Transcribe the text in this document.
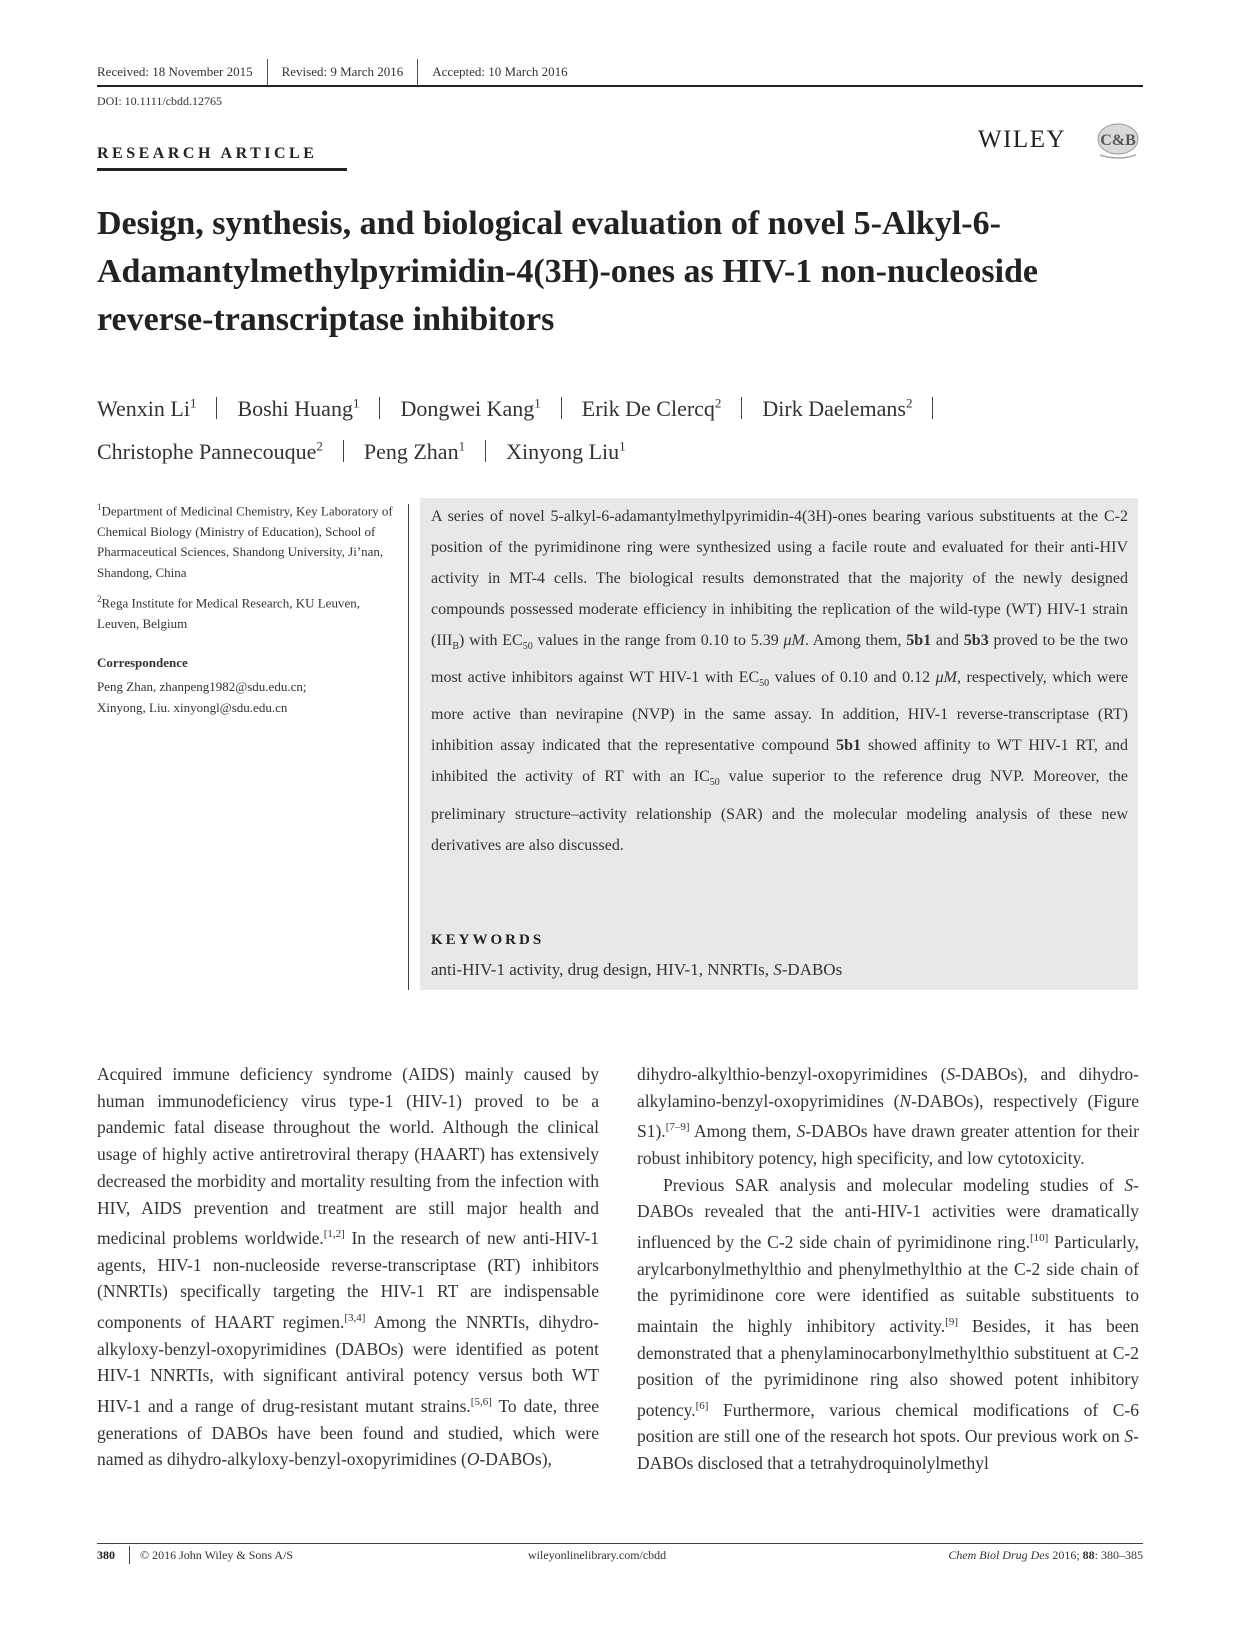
Received: 18 November 2015	Revised: 9 March 2016	Accepted: 10 March 2016
DOI: 10.1111/cbdd.12765
RESEARCH ARTICLE
WILEY C&B
Design, synthesis, and biological evaluation of novel 5-Alkyl-6-Adamantylmethylpyrimidin-4(3H)-ones as HIV-1 non-nucleoside reverse-transcriptase inhibitors
Wenxin Li$^1$ Boshi Huang$^1$ Dongwei Kang$^1$ Erik De Clercq$^2$ Dirk Daelemans$^2$
Christophe Pannecouque$^2$ Peng Zhan$^1$ Xinyong Liu$^1$

$^1$Department of Medicinal Chemistry, Key Laboratory of Chemical Biology (Ministry of Education), School of Pharmaceutical Sciences, Shandong University, Ji’nan, Shandong, China

$^2$Rega Institute for Medical Research, KU Leuven, Leuven, Belgium

Correspondence
Peng Zhan, zhanpeng1982@sdu.edu.cn;
Xinyong, Liu. xinyongl@sdu.edu.cn
A series of novel 5-alkyl-6-adamantylmethylpyrimidin-4(3H)-ones bearing various substituents at the C-2 position of the pyrimidinone ring were synthesized using a facile route and evaluated for their anti-HIV activity in MT-4 cells. The biological results demonstrated that the majority of the newly designed compounds possessed moderate efficiency in inhibiting the replication of the wild-type (WT) HIV-1 strain $(III_B)$ with $EC_{50}$ values in the range from 0.10 to 5.39 μM. Among them, 5b1 and 5b3 proved to be the two most active inhibitors against WT HIV-1 with $EC_{50}$ values of 0.10 and 0.12 μM, respectively, which were more active than nevirapine (NVP) in the same assay. In addition, HIV-1 reverse-transcriptase (RT) inhibition assay indicated that the representative compound 5b1 showed affinity to WT HIV-1 RT, and inhibited the activity of RT with an $IC_{50}$ value superior to the reference drug NVP. Moreover, the preliminary structure–activity relationship (SAR) and the molecular modeling analysis of these new derivatives are also discussed.
KEYWORDS
anti-HIV-1 activity, drug design, HIV-1, NNRTIs, S-DABOs

Acquired immune deficiency syndrome (AIDS) mainly caused by human immunodeficiency virus type-1 (HIV-1) proved to be a pandemic fatal disease throughout the world. Although the clinical usage of highly active antiretroviral therapy (HAART) has extensively decreased the morbidity and mortality resulting from the infection with HIV, AIDS prevention and treatment are still major health and medicinal problems worldwide.[1,2] In the research of new anti-HIV-1 agents, HIV-1 non-nucleoside reverse-transcriptase (RT) inhibitors (NNRTIs) specifically targeting the HIV-1 RT are indispensable components of HAART regimen.[3,4] Among the NNRTIs, dihydro-alkyloxy-benzyl-oxopyrimidines (DABOs) were identified as potent HIV-1 NNRTIs, with significant antiviral potency versus both WT HIV-1 and a range of drug-resistant mutant strains.[5,6] To date, three generations of DABOs have been found and studied, which were named as dihydro-alkyloxy-benzyl-oxopyrimidines (O-DABOs),

dihydro-alkylthio-benzyl-oxopyrimidines (S-DABOs), and dihydro-alkylamino-benzyl-oxopyrimidines (N-DABOs), respectively (Figure S1).[7–9] Among them, S-DABOs have drawn greater attention for their robust inhibitory potency, high specificity, and low cytotoxicity.

Previous SAR analysis and molecular modeling studies of S-DABOs revealed that the anti-HIV-1 activities were dramatically influenced by the C-2 side chain of pyrimidinone ring.[10] Particularly, arylcarbonylmethylthio and phenylmethylthio at the C-2 side chain of the pyrimidinone core were identified as suitable substituents to maintain the highly inhibitory activity.[9] Besides, it has been demonstrated that a phenylaminocarbonylmethylthio substituent at C-2 position of the pyrimidinone ring also showed potent inhibitory potency.[6] Furthermore, various chemical modifications of C-6 position are still one of the research hot spots. Our previous work on S-DABOs disclosed that a tetrahydroquinolylmethyl

380 © 2016 John Wiley & Sons A/S	wileyonlinelibrary.com/cbdd	Chem Biol Drug Des 2016; 88: 380–385
